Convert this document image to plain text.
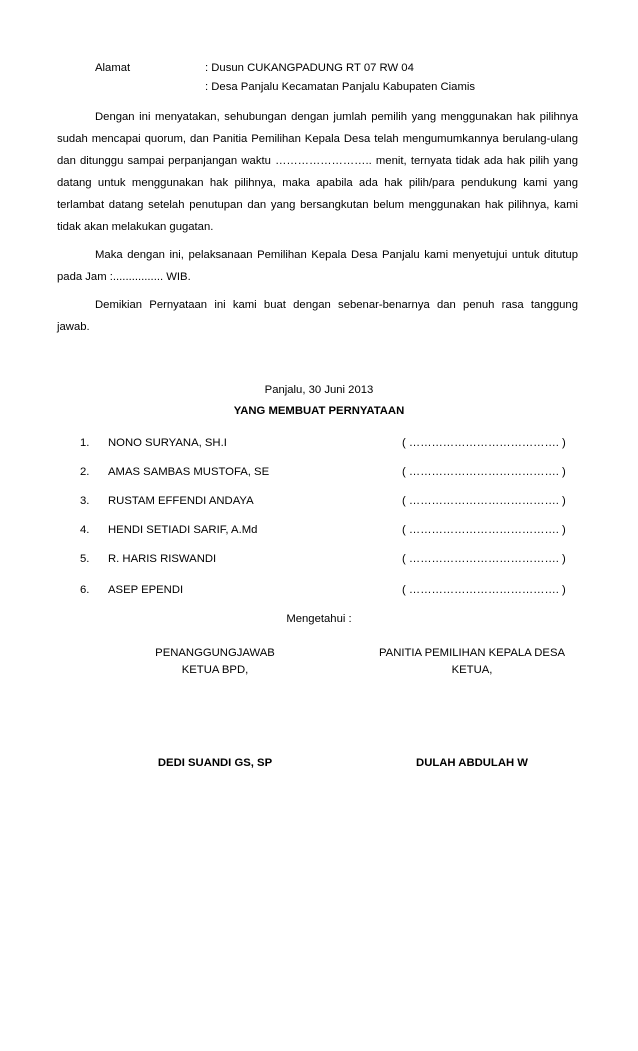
Alamat	: Dusun CUKANGPADUNG RT 07 RW 04
: Desa Panjalu Kecamatan Panjalu Kabupaten Ciamis
Dengan ini menyatakan, sehubungan dengan jumlah pemilih yang menggunakan hak pilihnya
sudah mencapai quorum, dan Panitia Pemilihan Kepala Desa telah mengumumkannya berulang-ulang
dan ditunggu sampai perpanjangan waktu …………………….. menit, ternyata tidak ada hak pilih yang
datang untuk menggunakan hak pilihnya, maka apabila ada hak pilih/para pendukung kami yang
terlambat datang setelah penutupan dan yang bersangkutan belum menggunakan hak pilihnya, kami
tidak akan melakukan gugatan.
Maka dengan ini, pelaksanaan Pemilihan Kepala Desa Panjalu kami menyetujui untuk ditutup
pada Jam :................ WIB.
Demikian Pernyataan ini kami buat dengan sebenar-benarnya dan penuh rasa tanggung
jawab.
Panjalu, 30 Juni 2013
YANG MEMBUAT PERNYATAAN
1. NONO SURYANA, SH.I	( …………………………………. )
2. AMAS SAMBAS MUSTOFA, SE	( …………………………………. )
3. RUSTAM EFFENDI ANDAYA	( …………………………………. )
4. HENDI SETIADI SARIF, A.Md	( …………………………………. )
5. R. HARIS RISWANDI	( …………………………………. )
6. ASEP EPENDI	( …………………………………. )
Mengetahui :
PENANGGUNGJAWAB
KETUA BPD,
DEDI SUANDI GS, SP
PANITIA PEMILIHAN KEPALA DESA
KETUA,
DULAH ABDULAH W
